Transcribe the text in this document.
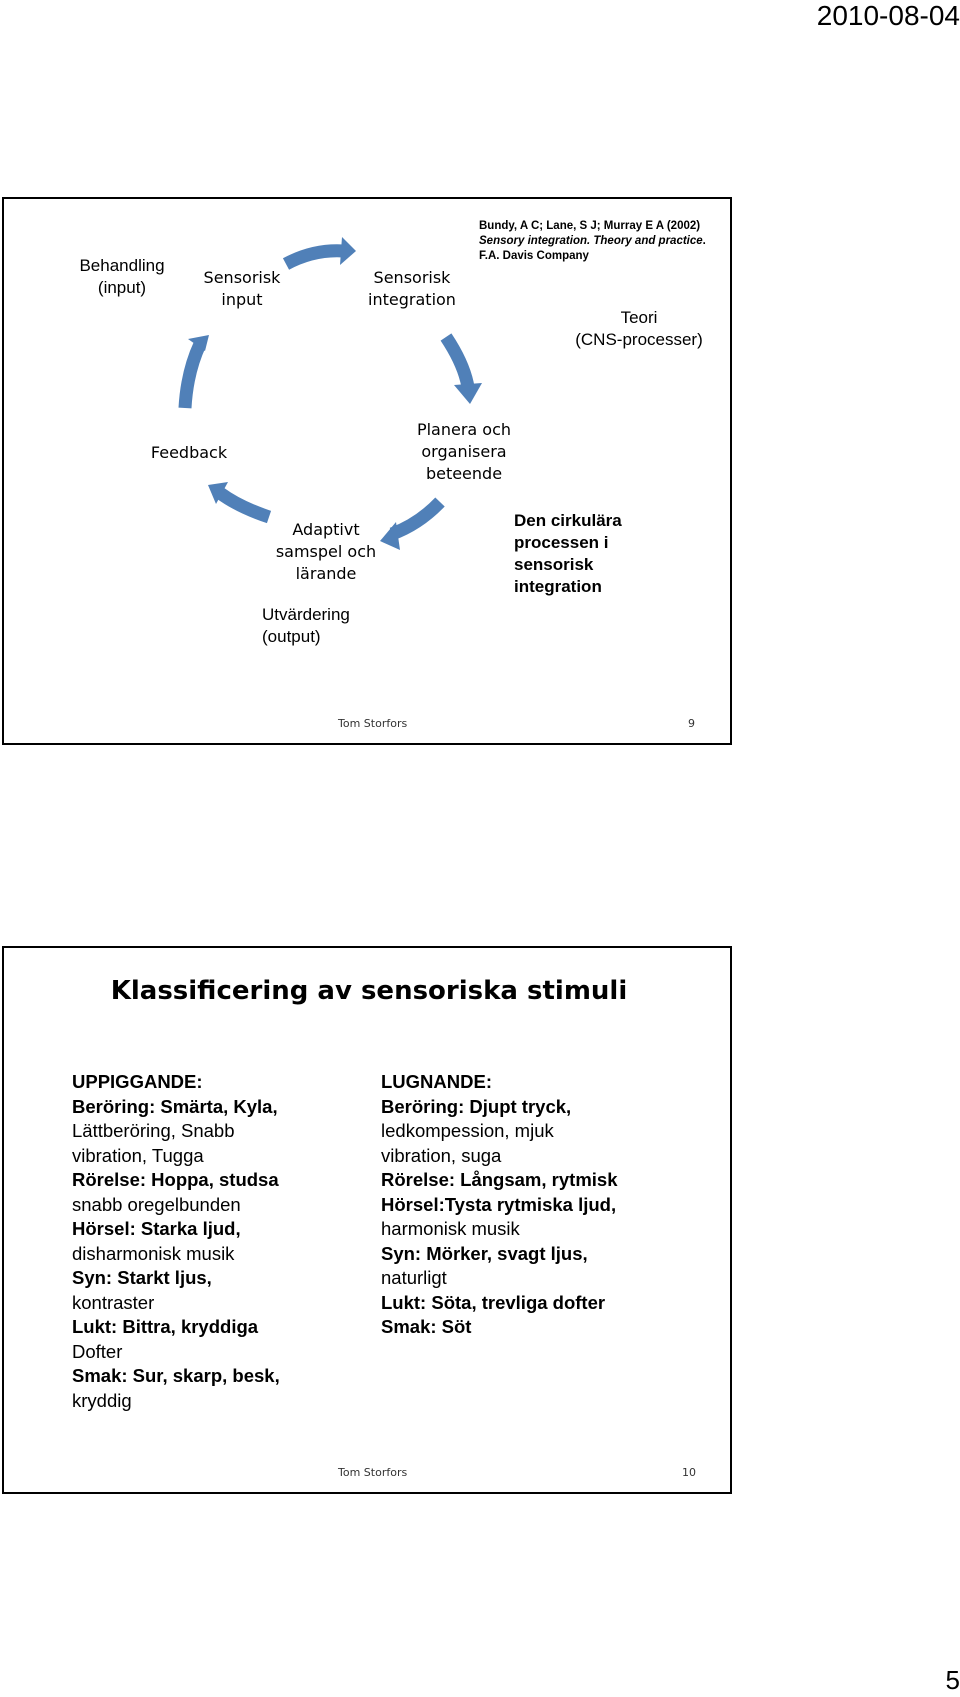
2010-08-04
Behandling
(input)
Sensorisk
input
Sensorisk
integration
Bundy, A C; Lane, S J; Murray E A (2002) Sensory integration. Theory and practice. F.A. Davis Company
Teori
(CNS-processer)
Feedback
Planera och
organisera
beteende
Adaptivt
samspel och
lärande
Utvärdering
(output)
Den cirkulära
processen i
sensorisk
integration
Tom Storfors	9
Klassificering av sensoriska stimuli
UPPIGGANDE:
Beröring: Smärta, Kyla,
Lättberöring, Snabb
vibration, Tugga
Rörelse: Hoppa, studsa
snabb oregelbunden
Hörsel: Starka ljud,
disharmonisk musik
Syn: Starkt ljus,
kontraster
Lukt: Bittra, kryddiga
Dofter
Smak: Sur, skarp, besk,
kryddig
LUGNANDE:
Beröring: Djupt tryck,
ledkompession, mjuk
vibration, suga
Rörelse: Långsam, rytmisk
Hörsel:Tysta rytmiska ljud,
harmonisk musik
Syn: Mörker, svagt ljus,
naturligt
Lukt: Söta, trevliga dofter
Smak: Söt
Tom Storfors	10
5
